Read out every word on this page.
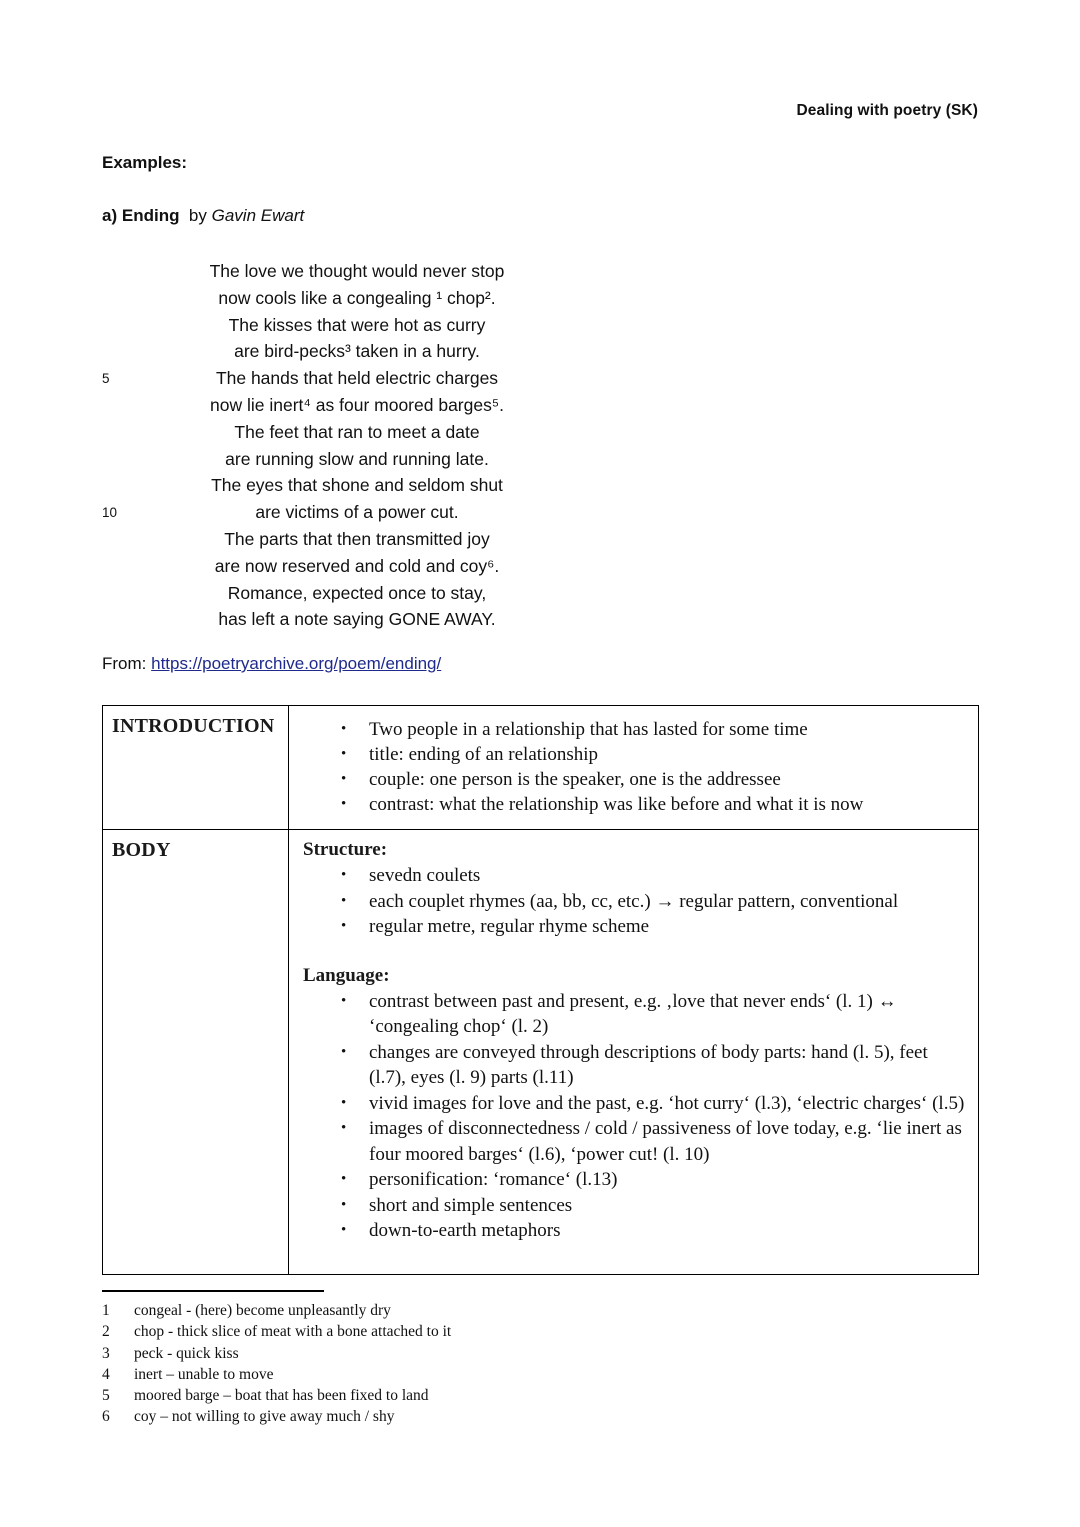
Dealing with poetry (SK)
Examples:
a) Ending by Gavin Ewart
The love we thought would never stop
now cools like a congealing ¹ chop².
The kisses that were hot as curry
are bird-pecks³ taken in a hurry.
5	The hands that held electric charges
now lie inert⁴ as four moored barges⁵.
The feet that ran to meet a date
are running slow and running late.
The eyes that shone and seldom shut
10	are victims of a power cut.
The parts that then transmitted joy
are now reserved and cold and coy⁶.
Romance, expected once to stay,
has left a note saying GONE AWAY.
From: https://poetryarchive.org/poem/ending/
INTRODUCTION

•Two people in a relationship that has lasted for some time
• title: ending of an relationship
• couple: one person is the speaker, one is the addressee
• contrast: what the relationship was like before and what it is now

BODY	Structure:
• sevedn coulets
• each couplet rhymes (aa, bb, cc, etc.) → regular pattern, conventional
• regular metre, regular rhyme scheme
Language:
• contrast between past and present, e.g. ‚love that never ends‘ (l. 1) ↔ ‘congealing chop‘ (l. 2)
• changes are conveyed through descriptions of body parts: hand (l. 5), feet (l.7), eyes (l. 9) parts (l.11)
• vivid images for love and the past, e.g. ‘hot curry‘ (l.3), ‘electric charges‘ (l.5)
• images of disconnectedness / cold / passiveness of love today, e.g. ‘lie inert as four moored barges‘ (l.6), ‘power cut! (l. 10)
• personification: ‘romance‘ (l.13)
• short and simple sentences
• down-to-earth metaphors
1	congeal - (here) become unpleasantly dry
2	chop - thick slice of meat with a bone attached to it
3	peck - quick kiss
4	inert – unable to move
5	moored barge – boat that has been fixed to land
6	coy – not willing to give away much / shy
